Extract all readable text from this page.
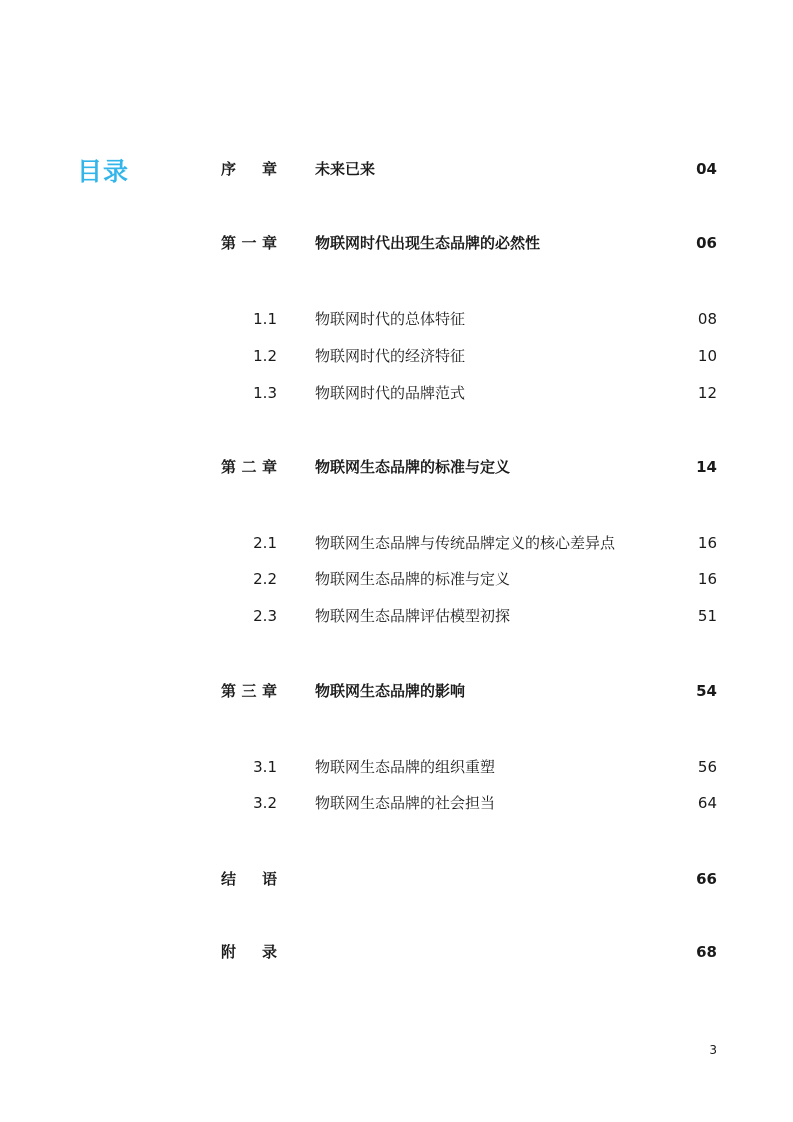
目录	序 章	未来已来	04
第 一 章	物联网时代出现生态品牌的必然性	06
1.1	物联网时代的总体特征	08
1.2	物联网时代的经济特征	10
1.3	物联网时代的品牌范式	12
第 二 章	物联网生态品牌的标准与定义	14
2.1	物联网生态品牌与传统品牌定义的核心差异点	16
2.2	物联网生态品牌的标准与定义	16
2.3	物联网生态品牌评估模型初探	51
第 三 章	物联网生态品牌的影响	54
3.1	物联网生态品牌的组织重塑	56
3.2	物联网生态品牌的社会担当	64
结 语	66
附 录	68
3
